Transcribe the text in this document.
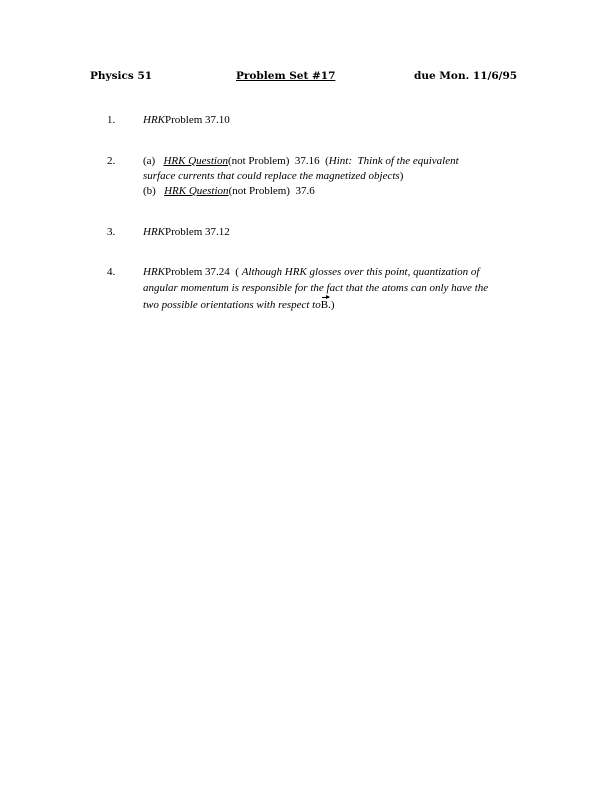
Physics 51	Problem Set #17	due Mon. 11/6/95
1.	HRKProblem 37.10
2.	(a) HRK Question(not Problem) 37.16 (Hint: Think of the equivalent
surface currents that could replace the magnetized objects)
(b) HRK Question(not Problem) 37.6
3.	HRKProblem 37.12
4.	HRKProblem 37.24 ( Although HRK glosses over this point, quantization of
angular momentum is responsible for the fact that the atoms can only have the
two possible orientations with respect toB.)
